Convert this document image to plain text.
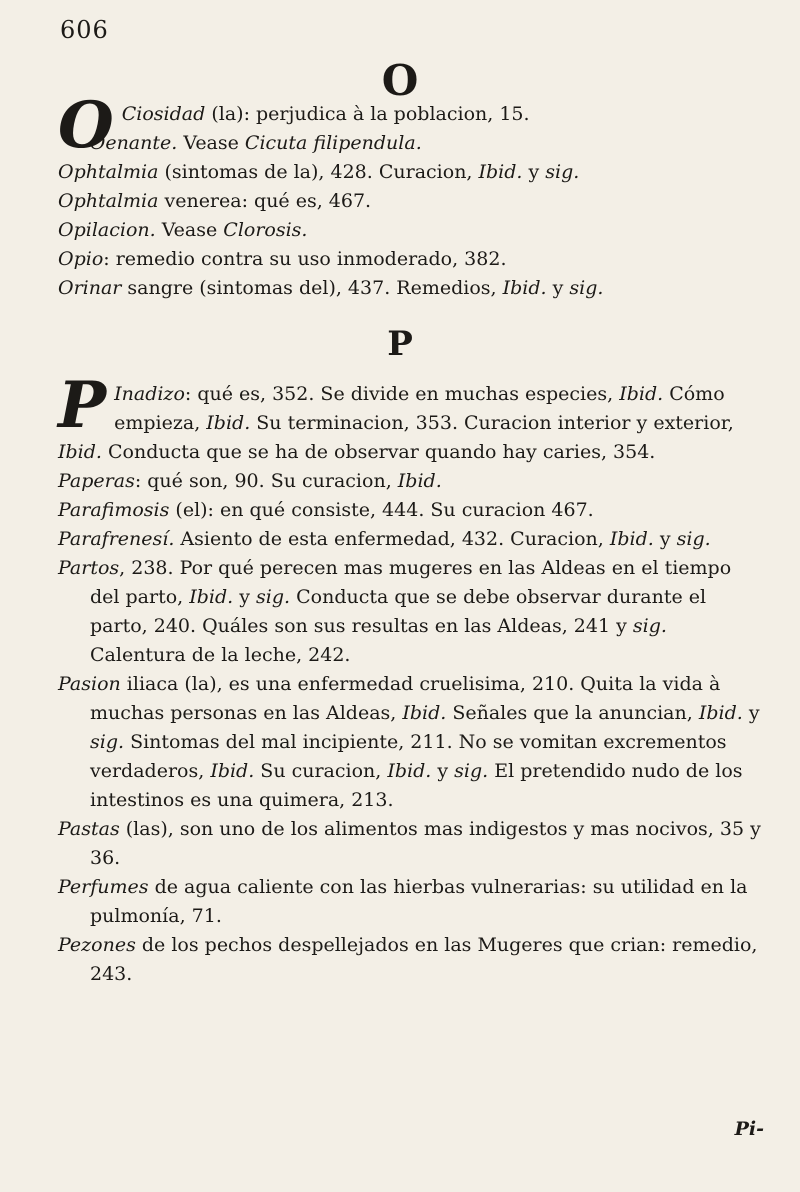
606
O

O Ciosidad (la): perjudica à la poblacion, 15.

Oenante. Vease Cicuta filipendula.

Ophtalmia (sintomas de la), 428. Curacion, Ibid. y sig.

Ophtalmia venerea: qué es, 467.

Opilacion. Vease Clorosis.

Opio: remedio contra su uso inmoderado, 382.

Orinar sangre (sintomas del), 437. Remedios, Ibid. y sig.

P

P Inadizo: qué es, 352. Se divide en muchas especies, Ibid. Cómo empieza, Ibid. Su terminacion, 353. Curacion interior y exterior, Ibid. Conducta que se ha de observar quando hay caries, 354.

Paperas: qué son, 90. Su curacion, Ibid.

Parafimosis (el): en qué consiste, 444. Su curacion 467.

Parafrenesí. Asiento de esta enfermedad, 432. Curacion, Ibid. y sig.

Partos, 238. Por qué perecen mas mugeres en las Aldeas en el tiempo del parto, Ibid. y sig. Conducta que se debe observar durante el parto, 240. Quáles son sus resultas en las Aldeas, 241 y sig. Calentura de la leche, 242.

Pasion iliaca (la), es una enfermedad cruelisima, 210. Quita la vida à muchas personas en las Aldeas, Ibid. Señales que la anuncian, Ibid. y sig. Sintomas del mal incipiente, 211. No se vomitan excrementos verdaderos, Ibid. Su curacion, Ibid. y sig. El pretendido nudo de los intestinos es una quimera, 213.

Pastas (las), son uno de los alimentos mas indigestos y mas nocivos, 35 y 36.

Perfumes de agua caliente con las hierbas vulnerarias: su utilidad en la pulmonía, 71.

Pezones de los pechos despellejados en las Mugeres que crian: remedio, 243.

Pi-
